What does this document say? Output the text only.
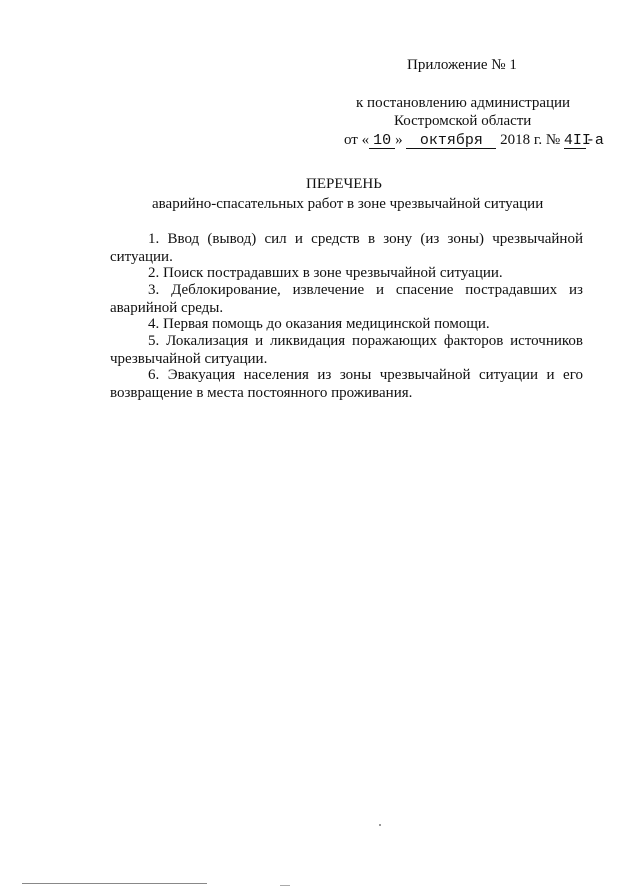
Приложение № 1
к постановлению администрации
Костромской области
от « 10 » октября 2018 г. № 4II-а
ПЕРЕЧЕНЬ
аварийно-спасательных работ в зоне чрезвычайной ситуации
1. Ввод (вывод) сил и средств в зону (из зоны) чрезвычайной
ситуации.
2. Поиск пострадавших в зоне чрезвычайной ситуации.
3. Деблокирование, извлечение и спасение пострадавших из
аварийной среды.
4. Первая помощь до оказания медицинской помощи.
5. Локализация и ликвидация поражающих факторов источников
чрезвычайной ситуации.
6. Эвакуация населения из зоны чрезвычайной ситуации и его
возвращение в места постоянного проживания.
